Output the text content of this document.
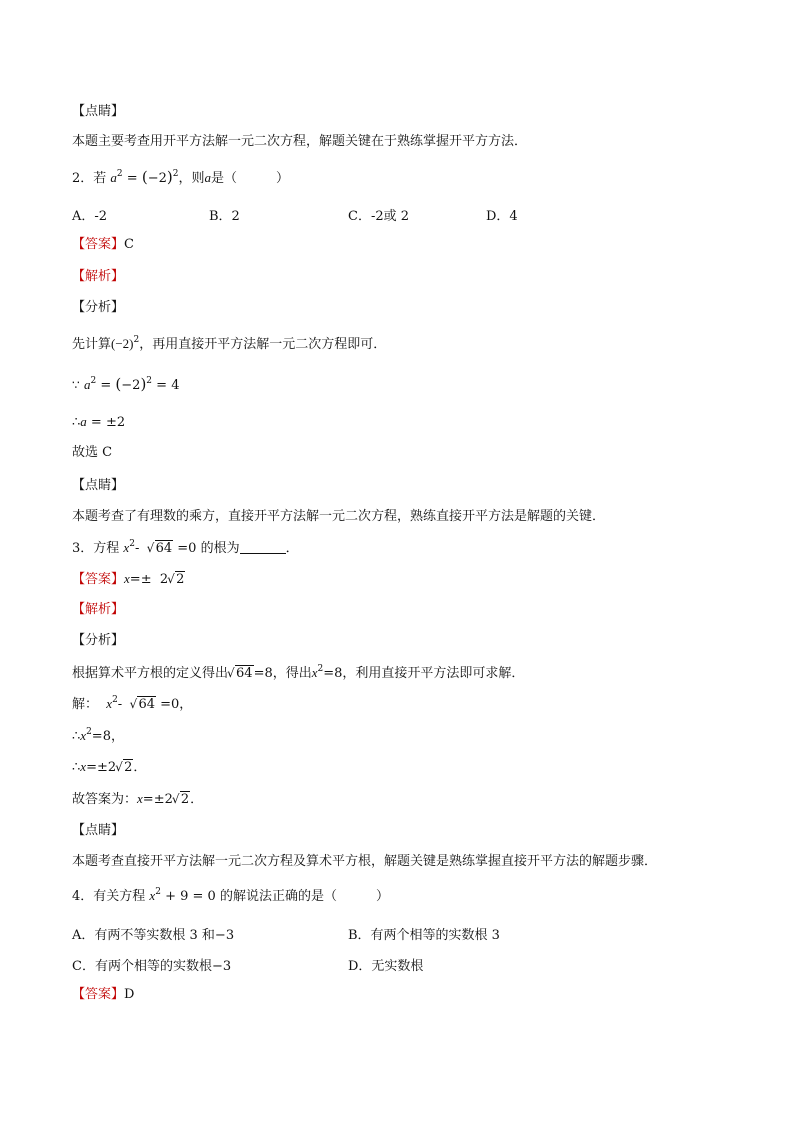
【点睛】
本题主要考查用开平方法解一元二次方程，解题关键在于熟练掌握开平方方法．
2．若 $a^2 = (-2)^2$，则a是（　　　）
A．-2	B．2	C．-2或 2	D．4
【答案】C
【解析】
【分析】
先计算$(-2)^2$，再用直接开平方法解一元二次方程即可．
∵ $a^2 = (-2)^2 = 4$
∴a = ±2
故选 C
【点睛】
本题考查了有理数的乘方，直接开平方法解一元二次方程，熟练直接开平方法是解题的关键．
3．方程 $x^2-$ √ 64 =0 的根为	．
【答案】x=± 2 √ 2
【解析】
【分析】
根据算术平方根的定义得出 √ 64=8，得出$x^2=8$，利用直接开平方法即可求解．
解： $x^2-$ √ 64 =0，
$\therefore x^2=8$，
∴x=±2 √ 2．
故答案为：x=±2 √ 2．
【点睛】
本题考查直接开平方法解一元二次方程及算术平方根，解题关键是熟练掌握直接开平方法的解题步骤．
4．有关方程 $x^2 + 9 = 0$ 的解说法正确的是（　　　）
A．有两不等实数根 3 和−3	B．有两个相等的实数根 3
C．有两个相等的实数根−3	D．无实数根
【答案】D
